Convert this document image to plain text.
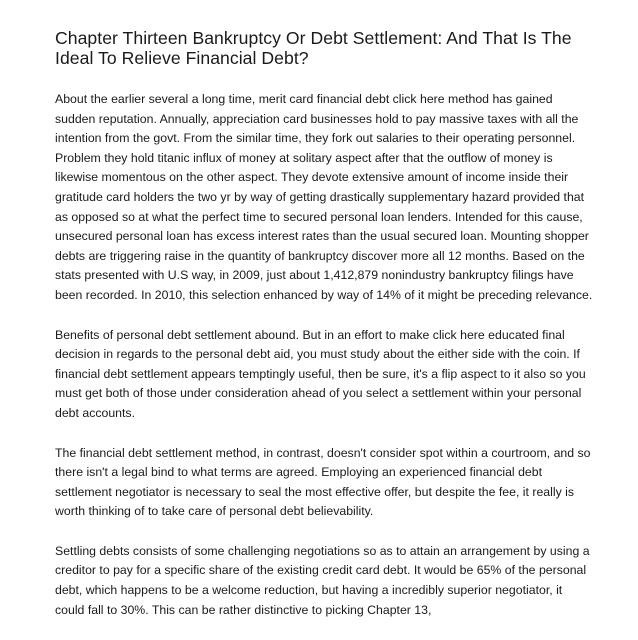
Chapter Thirteen Bankruptcy Or Debt Settlement: And That Is The Ideal To Relieve Financial Debt?

About the earlier several a long time, merit card financial debt click here method has gained sudden reputation. Annually, appreciation card businesses hold to pay massive taxes with all the intention from the govt. From the similar time, they fork out salaries to their operating personnel. Problem they hold titanic influx of money at solitary aspect after that the outflow of money is likewise momentous on the other aspect. They devote extensive amount of income inside their gratitude card holders the two yr by way of getting drastically supplementary hazard provided that as opposed so at what the perfect time to secured personal loan lenders. Intended for this cause, unsecured personal loan has excess interest rates than the usual secured loan. Mounting shopper debts are triggering raise in the quantity of bankruptcy discover more all 12 months. Based on the stats presented with U.S way, in 2009, just about 1,412,879 nonindustry bankruptcy filings have been recorded. In 2010, this selection enhanced by way of 14% of it might be preceding relevance.

Benefits of personal debt settlement abound. But in an effort to make click here educated final decision in regards to the personal debt aid, you must study about the either side with the coin. If financial debt settlement appears temptingly useful, then be sure, it's a flip aspect to it also so you must get both of those under consideration ahead of you select a settlement within your personal debt accounts.

The financial debt settlement method, in contrast, doesn't consider spot within a courtroom, and so there isn't a legal bind to what terms are agreed. Employing an experienced financial debt settlement negotiator is necessary to seal the most effective offer, but despite the fee, it really is worth thinking of to take care of personal debt believability.

Settling debts consists of some challenging negotiations so as to attain an arrangement by using a creditor to pay for a specific share of the existing credit card debt. It would be 65% of the personal debt, which happens to be a welcome reduction, but having a incredibly superior negotiator, it could fall to 30%. This can be rather distinctive to picking Chapter 13,
